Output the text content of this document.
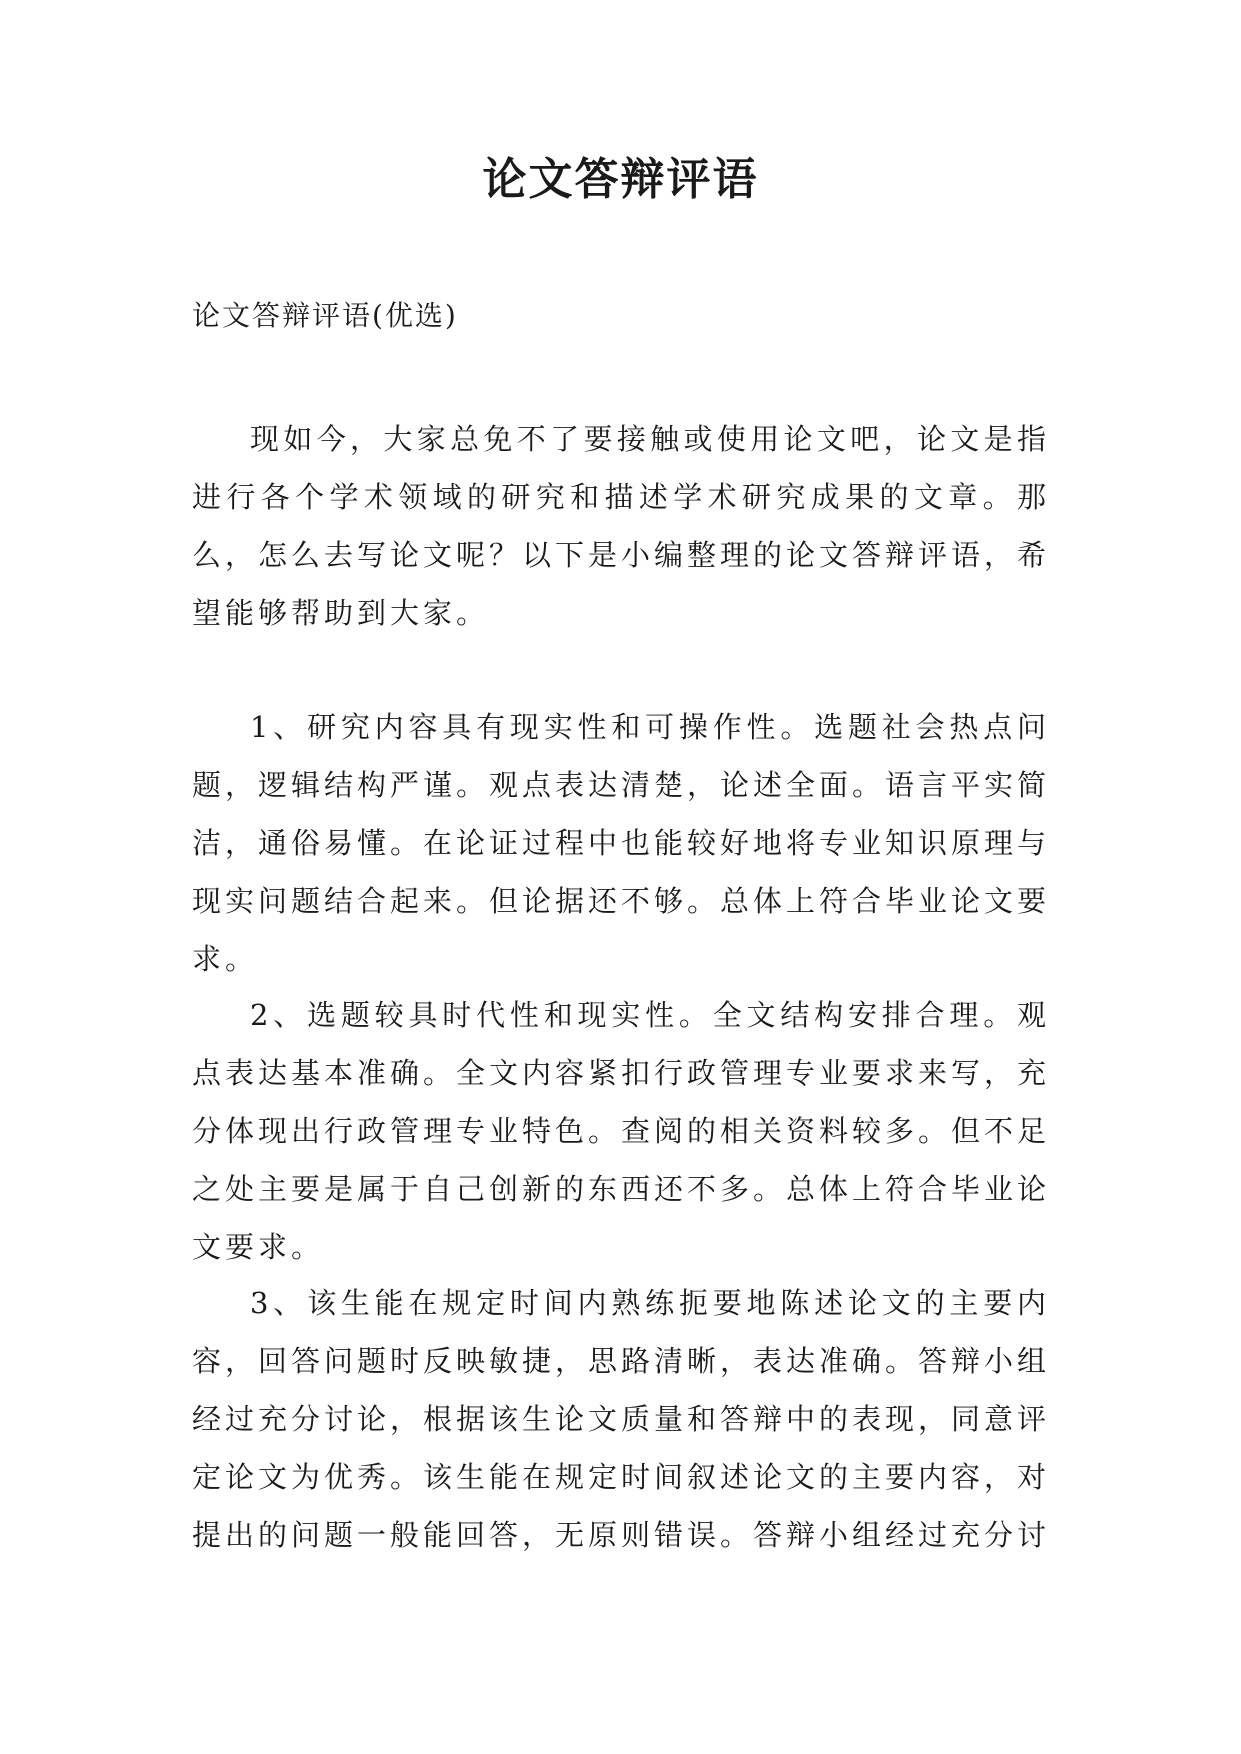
论文答辩评语

论文答辩评语(优选)

现如今，大家总免不了要接触或使用论文吧，论文是指进行各个学术领域的研究和描述学术研究成果的文章。那么，怎么去写论文呢？以下是小编整理的论文答辩评语，希望能够帮助到大家。

1、研究内容具有现实性和可操作性。选题社会热点问题，逻辑结构严谨。观点表达清楚，论述全面。语言平实简洁，通俗易懂。在论证过程中也能较好地将专业知识原理与现实问题结合起来。但论据还不够。总体上符合毕业论文要求。

2、选题较具时代性和现实性。全文结构安排合理。观点表达基本准确。全文内容紧扣行政管理专业要求来写，充分体现出行政管理专业特色。查阅的相关资料较多。但不足之处主要是属于自己创新的东西还不多。总体上符合毕业论文要求。

3、该生能在规定时间内熟练扼要地陈述论文的主要内容，回答问题时反映敏捷，思路清晰，表达准确。答辩小组经过充分讨论，根据该生论文质量和答辩中的表现，同意评定论文为优秀。该生能在规定时间叙述论文的主要内容，对提出的问题一般能回答，无原则错误。答辩小组经过充分讨
